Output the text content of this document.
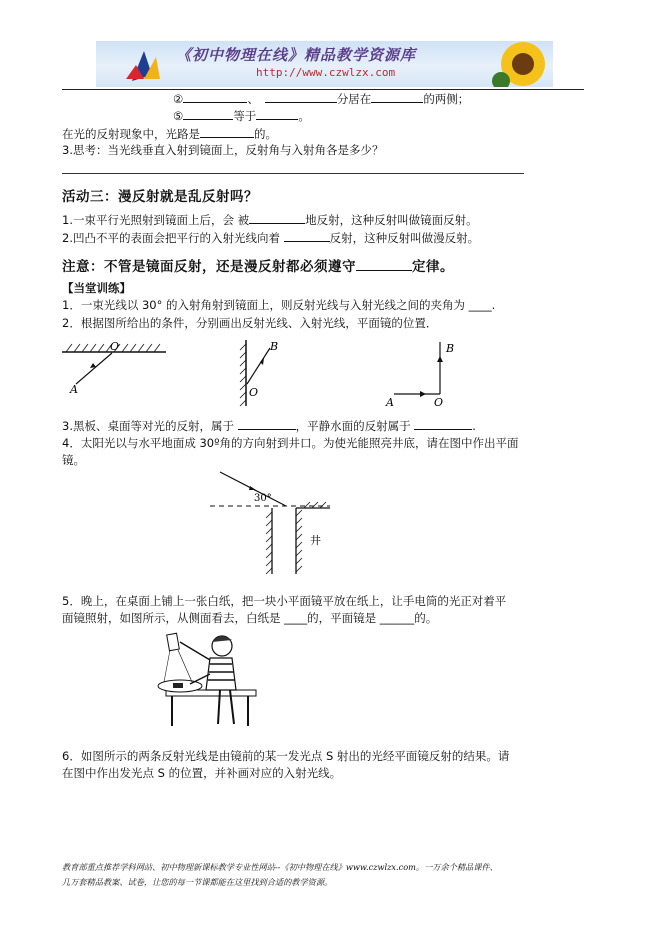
《初中物理在线》精品教学资源库
http://www.czwlzx.com
②	、	分居在	的两侧；
⑤	等于	。
在光的反射现象中，光路是	的。
3.思考：当光线垂直入射到镜面上，反射角与入射角各是多少？
活动三：漫反射就是乱反射吗？
1.一束平行光照射到镜面上后，会 被	地反射，这种反射叫做镜面反射。
2.凹凸不平的表面会把平行的入射光线向着	反射，这种反射叫做漫反射。
注意：不管是镜面反射，还是漫反射都必须遵守	定律。
【当堂训练】
1．一束光线以 30° 的入射角射到镜面上，则反射光线与入射光线之间的夹角为 ____.
2．根据图所给出的条件，分别画出反射光线、入射光线，平面镜的位置．
O
A
B
O
B
A	O
3.黑板、桌面等对光的反射，属于	，平静水面的反射属于	.
4．太阳光以与水平地面成 30º角的方向射到井口。为使光能照亮井底，请在图中作出平面
镜。
30°
井
5．晚上，在桌面上铺上一张白纸，把一块小平面镜平放在纸上，让手电筒的光正对着平
面镜照射，如图所示，从侧面看去，白纸是 ____的，平面镜是 ______的。
6．如图所示的两条反射光线是由镜前的某一发光点 S 射出的光经平面镜反射的结果。请
在图中作出发光点 S 的位置，并补画对应的入射光线。
教育部重点推荐学科网站、初中物理新课标教学专业性网站--《初中物理在线》www.czwlzx.com。一万余个精品课件、
几万套精品教案、试卷，让您的每一节课都能在这里找到合适的教学资源。
